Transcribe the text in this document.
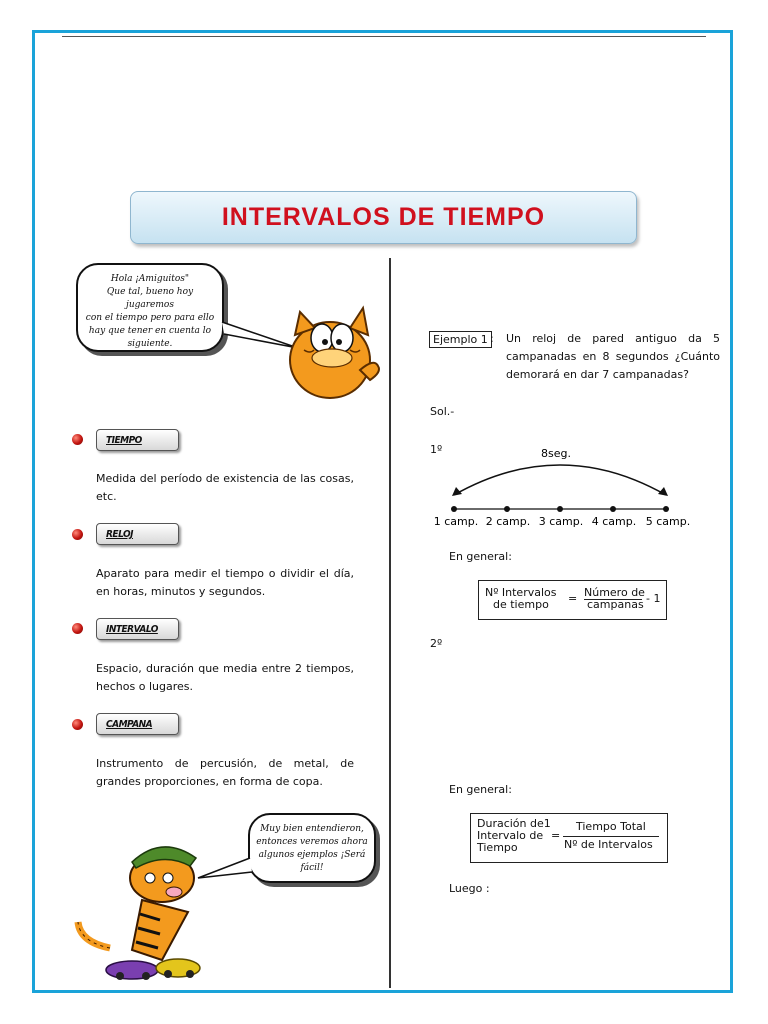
INTERVALOS DE TIEMPO
Hola ¡Amiguitos"
Que tal, bueno hoy jugaremos
con el tiempo pero para ello
hay que tener en cuenta lo
siguiente.
TIEMPO
Medida del período de existencia de las cosas, etc.
RELOJ
Aparato para medir el tiempo o dividir el día, en horas, minutos y segundos.
INTERVALO
Espacio, duración que media entre 2 tiempos, hechos o lugares.
CAMPANA
Instrumento de percusión, de metal, de grandes proporciones, en forma de copa.
Muy bien entendieron,
entonces veremos ahora
algunos ejemplos ¡Será
fácil!
Ejemplo 1 : Un reloj de pared antiguo da 5
campanadas en 8 segundos ¿Cuánto
demorará en dar 7 campanadas?
Sol.-
1º	8seg.
1 camp. 2 camp. 3 camp. 4 camp. 5 camp.
En general:
Nº Intervalos
de tiempo = Número de
campanas - 1
2º
En general:
Duración de1
Intervalo de
Tiempo
=
Tiempo Total
Nº de Intervalos
Luego :
